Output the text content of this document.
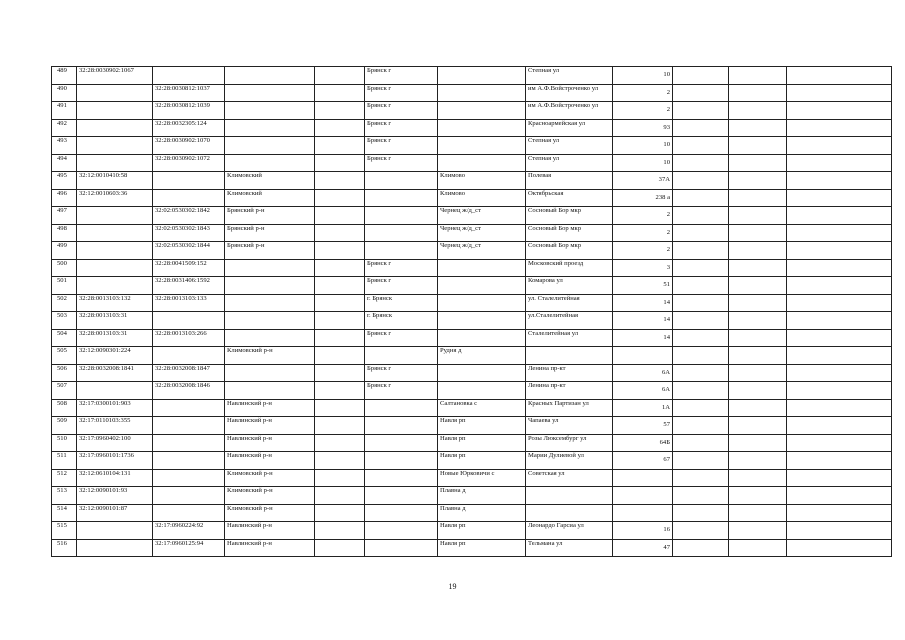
489	32:28:0030902:1067				Брянск г		Степная ул	10			
490		32:28:0030812:1037			Брянск г		им А.Ф.Войстроченко ул	2			
491		32:28:0030812:1039			Брянск г		им А.Ф.Войстроченко ул	2			
492		32:28:0032305:124			Брянск г		Красноармейская ул	93			
493		32:28:0030902:1070			Брянск г		Степная ул	10			
494		32:28:0030902:1072			Брянск г		Степная ул	10			
495	32:12:0010410:58		Климовский			Климово	Полевая	37А			
496	32:12:0010603:36		Климовский			Климово	Октябрьская	238 а			
497		32:02:0530302:1842	Брянский р-н			Чернец ж/д_ст	Сосновый Бор мкр	2			
498		32:02:0530302:1843	Брянский р-н			Чернец ж/д_ст	Сосновый Бор мкр	2			
499		32:02:0530302:1844	Брянский р-н			Чернец ж/д_ст	Сосновый Бор мкр	2			
500		32:28:0041509:152			Брянск г		Московский проезд	3			
501		32:28:0031406:1592			Брянск г		Комарова ул	51			
502	32:28:0013103:132	32:28:0013103:133			г. Брянск		ул. Сталелитейная	14			
503	32:28:0013103:31				г. Брянск		ул.Сталелитейная	14			
504	32:28:0013103:31	32:28:0013103:266			Брянск г		Сталелитейная ул	14			
505	32:12:0090301:224		Климовский р-н			Рудня д					
506	32:28:0032008:1841	32:28:0032008:1847			Брянск г		Ленина пр-кт	6А			
507		32:28:0032008:1846			Брянск г		Ленина пр-кт	6А			
508	32:17:0300101:903		Навлинский р-н			Салтановка с	Красных Партизан ул	1А			
509	32:17:0110103:355		Навлинский р-н			Навля рп	Чапаева ул	57			
510	32:17:0960402:100		Навлинский р-н			Навля рп	Розы Люксембург ул	64Б			
511	32:17:0960101:1736		Навлинский р-н			Навля рп	Марии Дулиевой ул	67			
512	32:12:0610104:131		Климовский р-н			Новые Юрковичи с	Советская ул				
513	32:12:0090101:93		Климовский р-н			Плавна д					
514	32:12:0090101:87		Климовский р-н			Плавна д					
515		32:17:0960224:92	Навлинский р-н			Навля рп	Леонардо Гарсиа ул	16			
516		32:17:0960125:94	Навлинский р-н			Навля рп	Тельмана ул	47			
19
